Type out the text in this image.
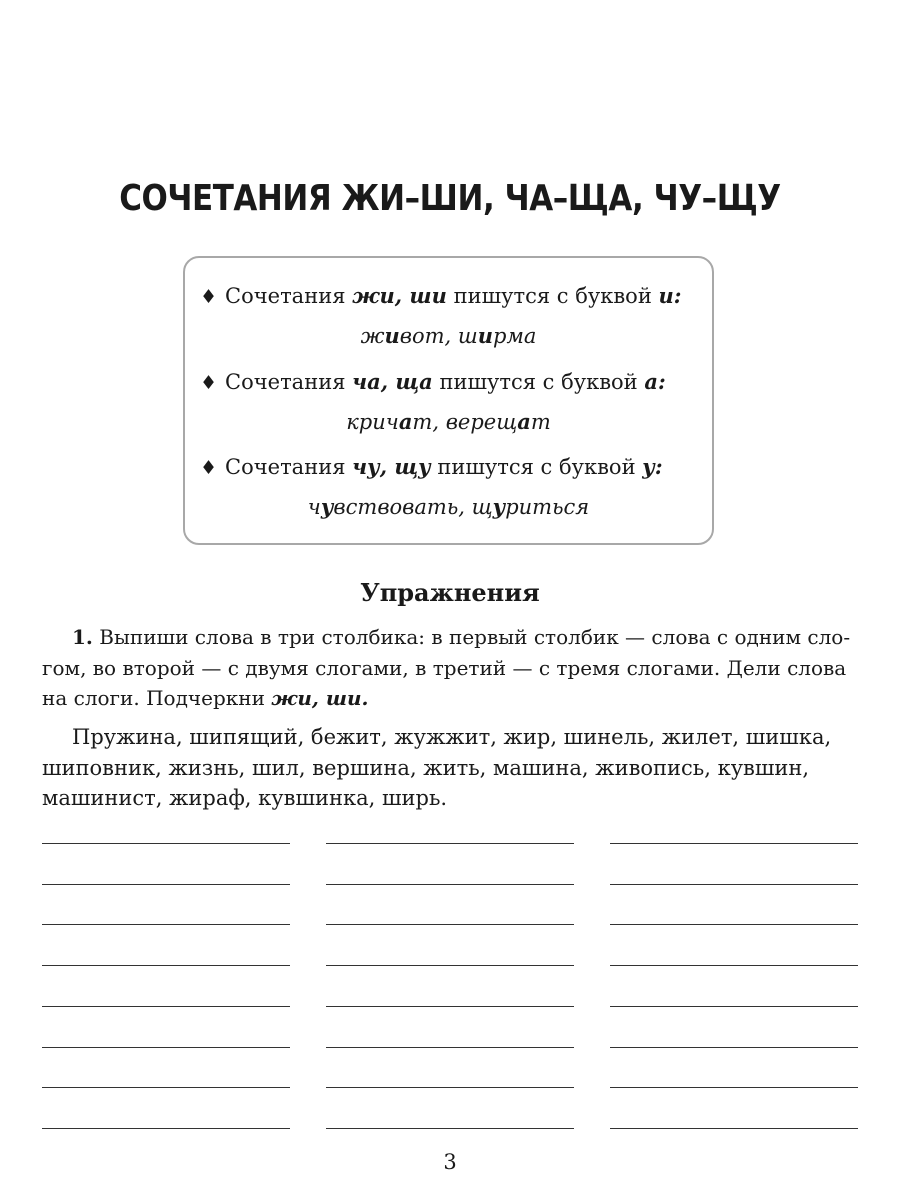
СОЧЕТАНИЯ ЖИ–ШИ, ЧА–ЩА, ЧУ–ЩУ
♦ Сочетания жи, ши пишутся с буквой и:
живот, ширма
♦ Сочетания ча, ща пишутся с буквой а:
кричат, верещат
♦ Сочетания чу, щу пишутся с буквой у:
чувствовать, щуриться
Упражнения
1. Выпиши слова в три столбика: в первый столбик — слова с одним сло-
гом, во второй — с двумя слогами, в третий — с тремя слогами. Дели слова
на слоги. Подчеркни жи, ши.
Пружина, шипящий, бежит, жужжит, жир, шинель, жилет, шишка,
шиповник, жизнь, шил, вершина, жить, машина, живопись, кувшин,
машинист, жираф, кувшинка, ширь.
3
